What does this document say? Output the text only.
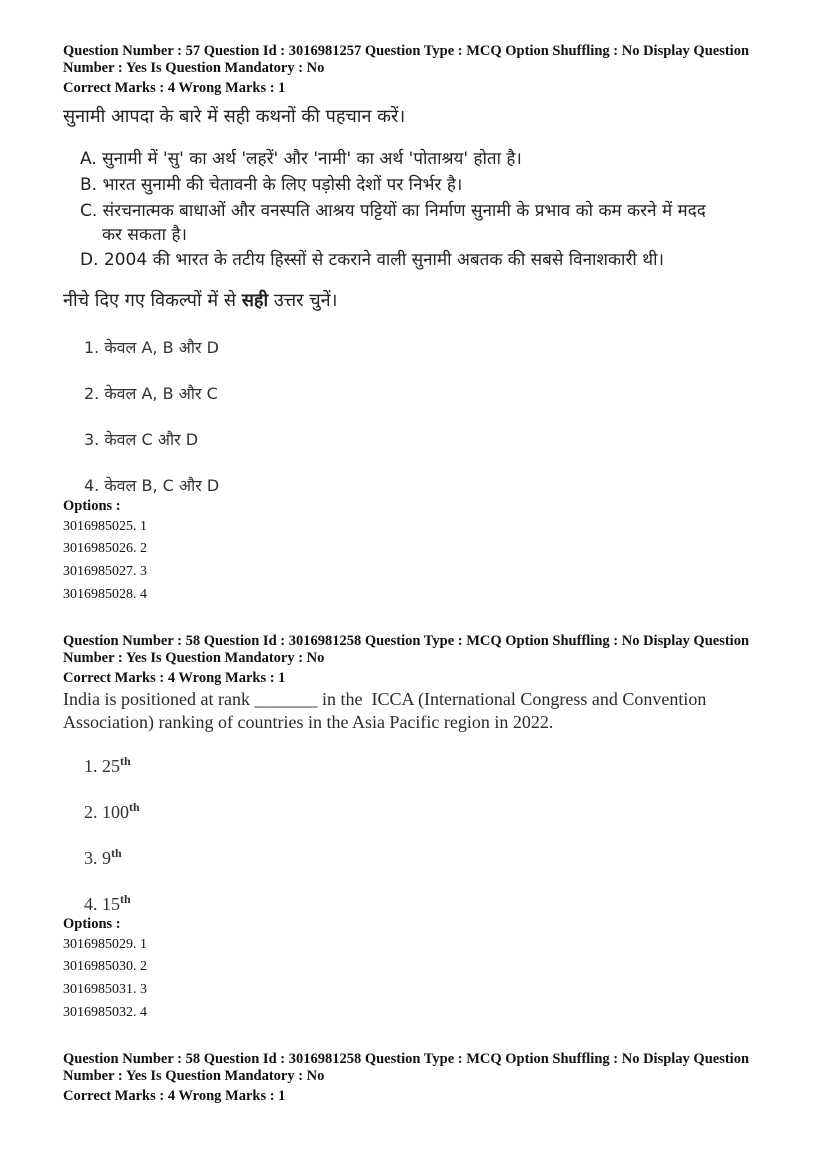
Question Number : 57 Question Id : 3016981257 Question Type : MCQ Option Shuffling : No Display Question
Number : Yes Is Question Mandatory : No
Correct Marks : 4 Wrong Marks : 1
सुनामी आपदा के बारे में सही कथनों की पहचान करें।
A. सुनामी में 'सु' का अर्थ 'लहरें' और 'नामी' का अर्थ 'पोताश्रय' होता है।
B. भारत सुनामी की चेतावनी के लिए पड़ोसी देशों पर निर्भर है।
C. संरचनात्मक बाधाओं और वनस्पति आश्रय पट्टियों का निर्माण सुनामी के प्रभाव को कम करने में मदद
कर सकता है।
D. 2004 की भारत के तटीय हिस्सों से टकराने वाली सुनामी अबतक की सबसे विनाशकारी थी।
नीचे दिए गए विकल्पों में से सही उत्तर चुनें।
1. केवल A, B और D
2. केवल A, B और C
3. केवल C और D
4. केवल B, C और D
Options :
3016985025. 1
3016985026. 2
3016985027. 3
3016985028. 4
Question Number : 58 Question Id : 3016981258 Question Type : MCQ Option Shuffling : No Display Question
Number : Yes Is Question Mandatory : No
Correct Marks : 4 Wrong Marks : 1
India is positioned at rank _______ in the  ICCA (International Congress and Convention
Association) ranking of countries in the Asia Pacific region in 2022.
1. 25th
2. 100th
3. 9th
4. 15th
Options :
3016985029. 1
3016985030. 2
3016985031. 3
3016985032. 4
Question Number : 58 Question Id : 3016981258 Question Type : MCQ Option Shuffling : No Display Question
Number : Yes Is Question Mandatory : No
Correct Marks : 4 Wrong Marks : 1
